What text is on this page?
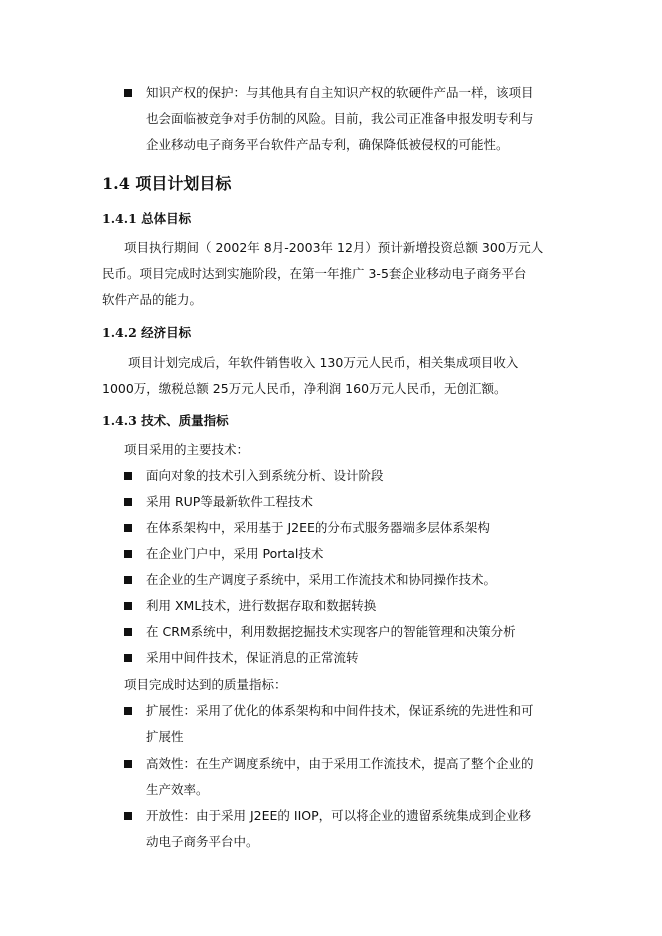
知识产权的保护：与其他具有自主知识产权的软硬件产品一样，该项目
也会面临被竞争对手仿制的风险。目前，我公司正准备申报发明专利与
企业移动电子商务平台软件产品专利，确保降低被侵权的可能性。
1.4 项目计划目标
1.4.1 总体目标
项目执行期间（ 2002年 8月-2003年 12月）预计新增投资总额 300万元人
民币。项目完成时达到实施阶段，在第一年推广 3-5套企业移动电子商务平台
软件产品的能力。
1.4.2 经济目标
项目计划完成后，年软件销售收入 130万元人民币，相关集成项目收入
1000万，缴税总额 25万元人民币，净利润 160万元人民币，无创汇额。
1.4.3 技术、质量指标
项目采用的主要技术：
面向对象的技术引入到系统分析、设计阶段
采用 RUP等最新软件工程技术
在体系架构中，采用基于 J2EE的分布式服务器端多层体系架构
在企业门户中，采用 Portal技术
在企业的生产调度子系统中，采用工作流技术和协同操作技术。
利用 XML技术，进行数据存取和数据转换
在 CRM系统中，利用数据挖掘技术实现客户的智能管理和决策分析
采用中间件技术，保证消息的正常流转
项目完成时达到的质量指标：
扩展性：采用了优化的体系架构和中间件技术，保证系统的先进性和可
扩展性
高效性：在生产调度系统中，由于采用工作流技术，提高了整个企业的
生产效率。
开放性：由于采用 J2EE的 IIOP，可以将企业的遗留系统集成到企业移
动电子商务平台中。
